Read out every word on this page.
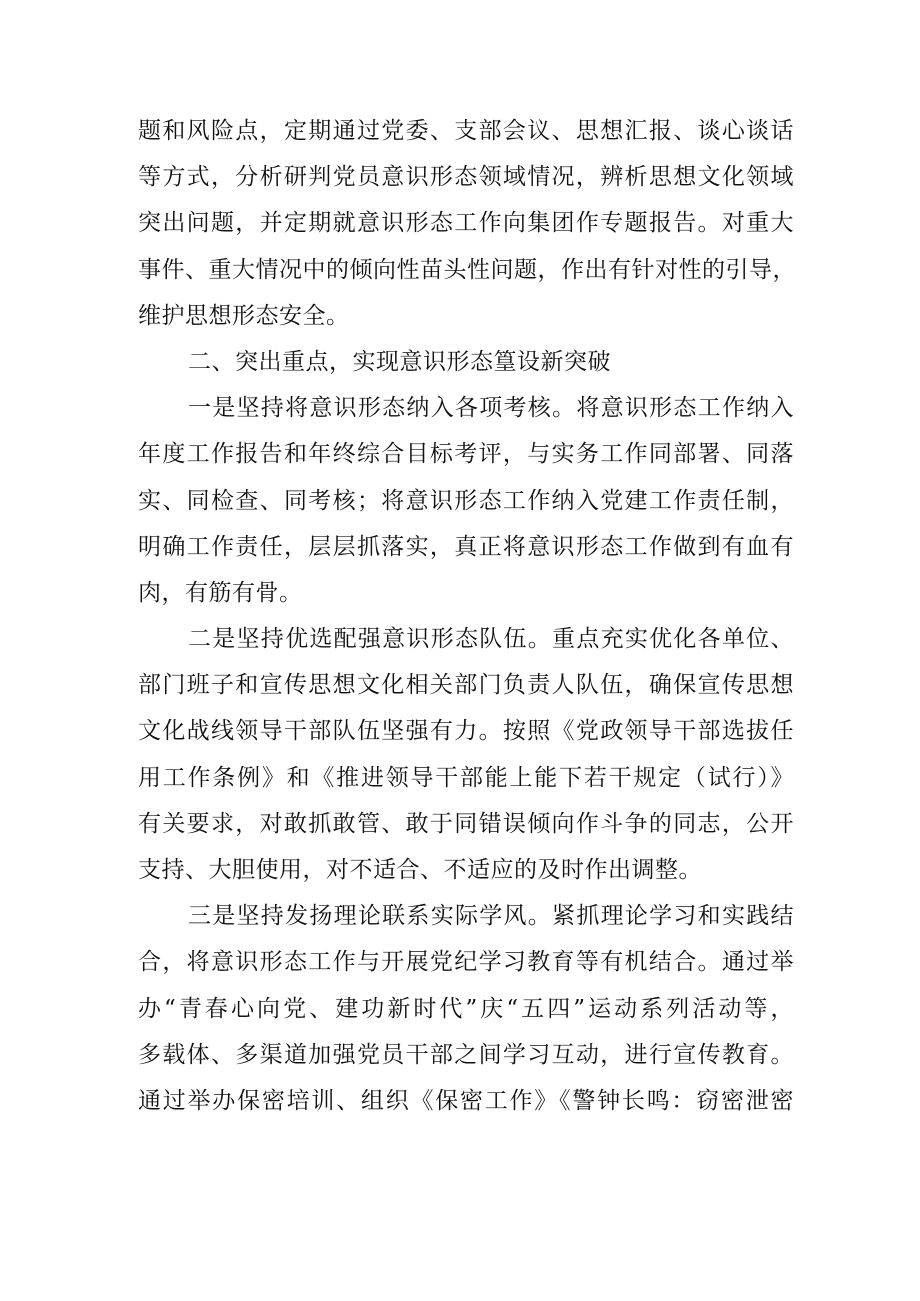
题和风险点，定期通过党委、支部会议、思想汇报、谈心谈话
等方式，分析研判党员意识形态领域情况，辨析思想文化领域
突出问题，并定期就意识形态工作向集团作专题报告。对重大
事件、重大情况中的倾向性苗头性问题，作出有针对性的引导，
维护思想形态安全。
二、突出重点，实现意识形态篁设新突破
一是坚持将意识形态纳入各项考核。将意识形态工作纳入
年度工作报告和年终综合目标考评，与实务工作同部署、同落
实、同检查、同考核；将意识形态工作纳入党建工作责任制，
明确工作责任，层层抓落实，真正将意识形态工作做到有血有
肉，有筋有骨。
二是坚持优选配强意识形态队伍。重点充实优化各单位、
部门班子和宣传思想文化相关部门负责人队伍，确保宣传思想
文化战线领导干部队伍坚强有力。按照《党政领导干部选拔任
用工作条例》和《推进领导干部能上能下若干规定（试行）》
有关要求，对敢抓敢管、敢于同错误倾向作斗争的同志，公开
支持、大胆使用，对不适合、不适应的及时作出调整。
三是坚持发扬理论联系实际学风。紧抓理论学习和实践结
合，将意识形态工作与开展党纪学习教育等有机结合。通过举
办“青春心向党、建功新时代”庆“五四”运动系列活动等，
多载体、多渠道加强党员干部之间学习互动，进行宣传教育。
通过举办保密培训、组织《保密工作》《警钟长鸣：窃密泄密
